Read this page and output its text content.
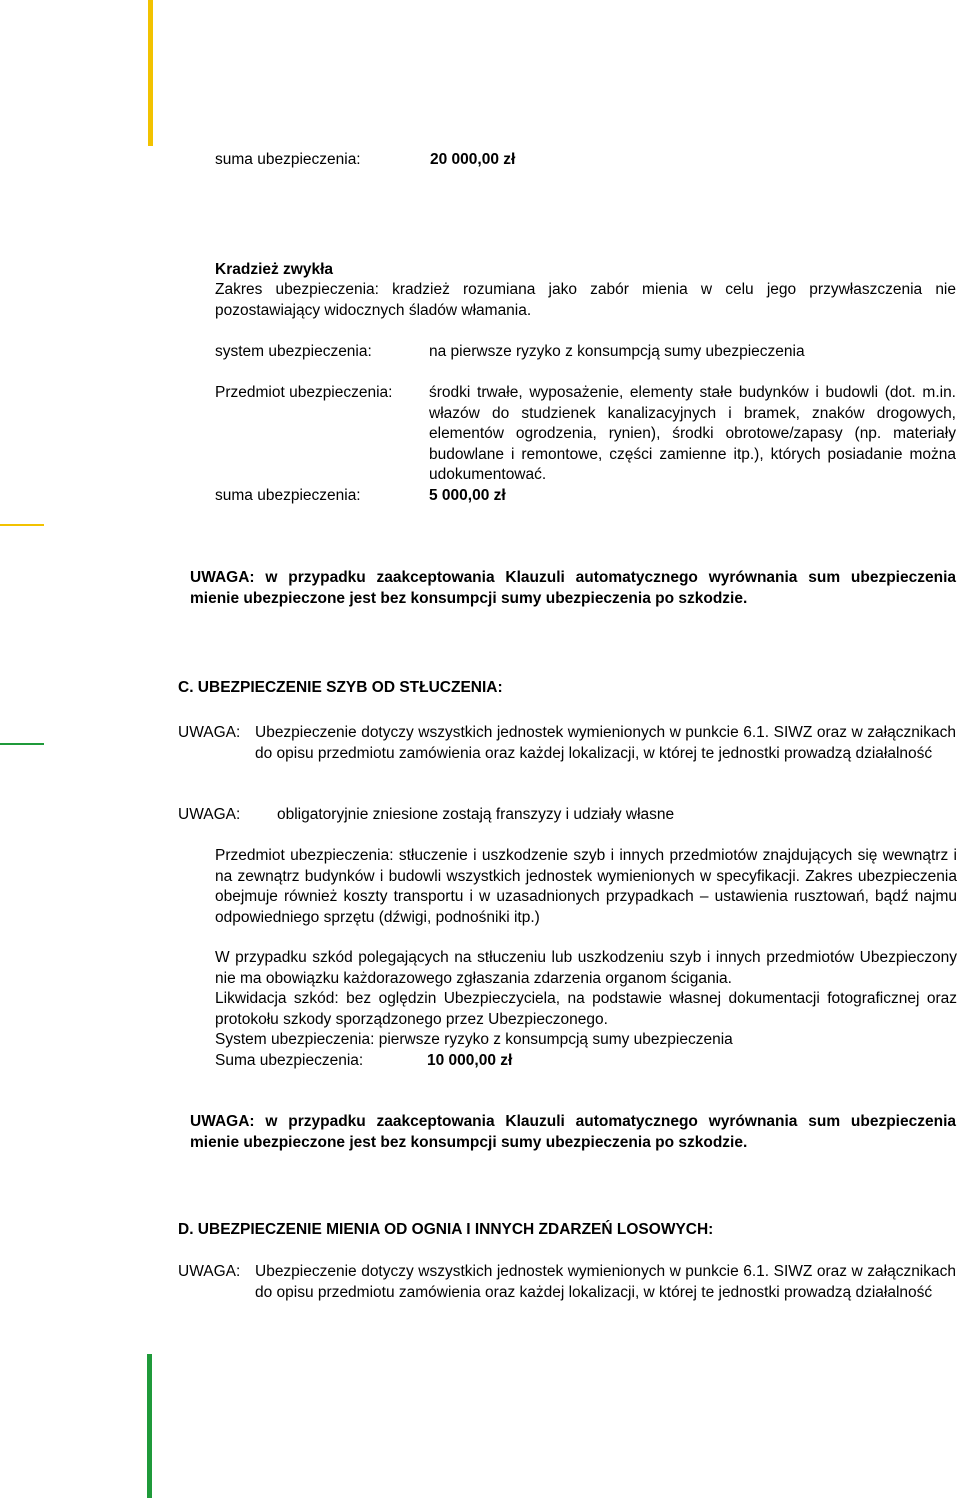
suma ubezpieczenia:	20 000,00 zł
Kradzież zwykła
Zakres ubezpieczenia: kradzież rozumiana jako zabór mienia w celu jego przywłaszczenia nie pozostawiający widocznych śladów włamania.
system ubezpieczenia:	na pierwsze ryzyko z konsumpcją sumy ubezpieczenia
Przedmiot ubezpieczenia: środki trwałe, wyposażenie, elementy stałe budynków i budowli (dot. m.in. włazów do studzienek kanalizacyjnych i bramek, znaków drogowych, elementów ogrodzenia, rynien), środki obrotowe/zapasy (np. materiały budowlane i remontowe, części zamienne itp.), których posiadanie można udokumentować.
suma ubezpieczenia:	5 000,00 zł
UWAGA: w przypadku zaakceptowania Klauzuli automatycznego wyrównania sum ubezpieczenia mienie ubezpieczone jest bez konsumpcji sumy ubezpieczenia po szkodzie.
C. UBEZPIECZENIE SZYB OD STŁUCZENIA:
UWAGA: Ubezpieczenie dotyczy wszystkich jednostek wymienionych w punkcie 6.1. SIWZ oraz w załącznikach do opisu przedmiotu zamówienia oraz każdej lokalizacji, w której te jednostki prowadzą działalność
UWAGA: obligatoryjnie zniesione zostają franszyzy i udziały własne
Przedmiot ubezpieczenia: stłuczenie i uszkodzenie szyb i innych przedmiotów znajdujących się wewnątrz i na zewnątrz budynków i budowli wszystkich jednostek wymienionych w specyfikacji. Zakres ubezpieczenia obejmuje również koszty transportu i w uzasadnionych przypadkach – ustawienia rusztowań, bądź najmu odpowiedniego sprzętu (dźwigi, podnośniki itp.)
W przypadku szkód polegających na stłuczeniu lub uszkodzeniu szyb i innych przedmiotów Ubezpieczony nie ma obowiązku każdorazowego zgłaszania zdarzenia organom ścigania.
Likwidacja szkód: bez oględzin Ubezpieczyciela, na podstawie własnej dokumentacji fotograficznej oraz protokołu szkody sporządzonego przez Ubezpieczonego.
System ubezpieczenia: pierwsze ryzyko z konsumpcją sumy ubezpieczenia
Suma ubezpieczenia:	10 000,00 zł
UWAGA: w przypadku zaakceptowania Klauzuli automatycznego wyrównania sum ubezpieczenia mienie ubezpieczone jest bez konsumpcji sumy ubezpieczenia po szkodzie.
D. UBEZPIECZENIE MIENIA OD OGNIA I INNYCH ZDARZEŃ LOSOWYCH:
UWAGA: Ubezpieczenie dotyczy wszystkich jednostek wymienionych w punkcie 6.1. SIWZ oraz w załącznikach do opisu przedmiotu zamówienia oraz każdej lokalizacji, w której te jednostki prowadzą działalność
